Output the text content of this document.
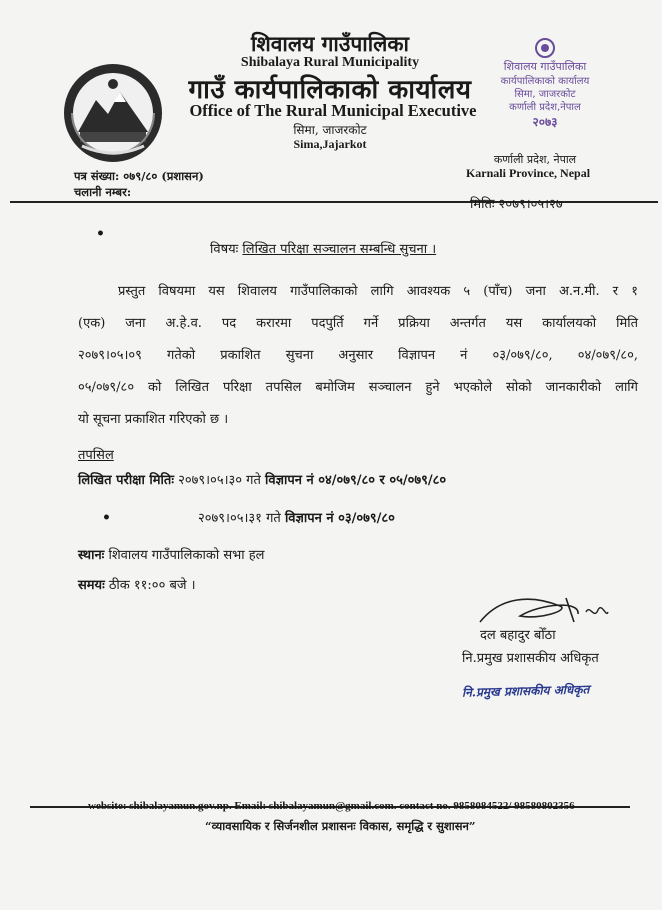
शिवालय गाउँपालिका
Shibalaya Rural Municipality
गाउँ कार्यपालिकाको कार्यालय
Office of The Rural Municipal Executive
सिमा, जाजरकोट
Sima,Jajarkot
शिवालय गाउँपालिका
कार्यपालिकाको कार्यालय
सिमा, जाजरकोट
कर्णाली प्रदेश,नेपाल
२०७३
कर्णाली प्रदेश, नेपाल
Karnali Province, Nepal
पत्र संख्या: ०७९/८० (प्रशासन)
चलानी नम्बर:
मितिः २०७९।०५।२७
•
विषयः लिखित परिक्षा सञ्चालन सम्बन्धि सुचना ।
प्रस्तुत विषयमा यस शिवालय गाउँपालिकाको लागि आवश्यक ५ (पाँच) जना अ.न.मी. र १
(एक) जना अ.हे.व. पद करारमा पदपुर्ति गर्ने प्रक्रिया अन्तर्गत यस कार्यालयको मिति
२०७९।०५।०९ गतेको प्रकाशित सुचना अनुसार विज्ञापन नं ०३/०७९/८०, ०४/०७९/८०,
०५/०७९/८० को लिखित परिक्षा तपसिल बमोजिम सञ्चालन हुने भएकोले सोको जानकारीको लागि
यो सूचना प्रकाशित गरिएको छ ।
तपसिल
लिखित परीक्षा मितिः २०७९।०५।३० गते विज्ञापन नं ०४/०७९/८० र ०५/०७९/८०
•	२०७९।०५।३१ गते विज्ञापन नं ०३/०७९/८०
स्थानः शिवालय गाउँपालिकाको सभा हल
समयः ठीक ११:०० बजे ।
दल बहादुर बोँठा
नि.प्रमुख प्रशासकीय अधिकृत
नि.प्रमुख प्रशासकीय अधिकृत
website: shibalayamun.gov.np. Email: shibalayamun@gmail.com. contact no. 9858084522/ 98580802356
“व्यावसायिक र सिर्जनशील प्रशासनः विकास, समृद्धि र सुशासन”
